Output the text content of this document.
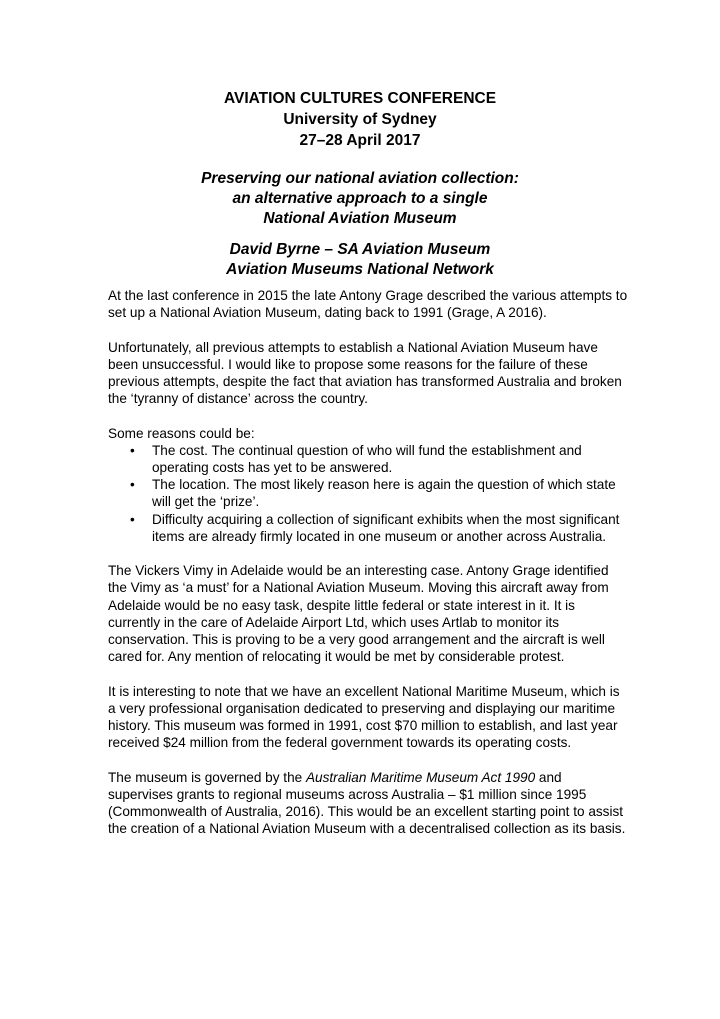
AVIATION CULTURES CONFERENCE
University of Sydney
27–28 April 2017
Preserving our national aviation collection:
an alternative approach to a single
National Aviation Museum
David Byrne – SA Aviation Museum
Aviation Museums National Network

At the last conference in 2015 the late Antony Grage described the various attempts to set up a National Aviation Museum, dating back to 1991 (Grage, A 2016).

Unfortunately, all previous attempts to establish a National Aviation Museum have been unsuccessful. I would like to propose some reasons for the failure of these previous attempts, despite the fact that aviation has transformed Australia and broken the ‘tyranny of distance’ across the country.

Some reasons could be:

• The cost. The continual question of who will fund the establishment and operating costs has yet to be answered.
• The location. The most likely reason here is again the question of which state will get the ‘prize’.
• Difficulty acquiring a collection of significant exhibits when the most significant items are already firmly located in one museum or another across Australia.

The Vickers Vimy in Adelaide would be an interesting case. Antony Grage identified the Vimy as ‘a must’ for a National Aviation Museum. Moving this aircraft away from Adelaide would be no easy task, despite little federal or state interest in it. It is currently in the care of Adelaide Airport Ltd, which uses Artlab to monitor its conservation. This is proving to be a very good arrangement and the aircraft is well cared for. Any mention of relocating it would be met by considerable protest.

It is interesting to note that we have an excellent National Maritime Museum, which is a very professional organisation dedicated to preserving and displaying our maritime history. This museum was formed in 1991, cost $70 million to establish, and last year received $24 million from the federal government towards its operating costs.

The museum is governed by the Australian Maritime Museum Act 1990 and supervises grants to regional museums across Australia – $1 million since 1995 (Commonwealth of Australia, 2016). This would be an excellent starting point to assist the creation of a National Aviation Museum with a decentralised collection as its basis.
